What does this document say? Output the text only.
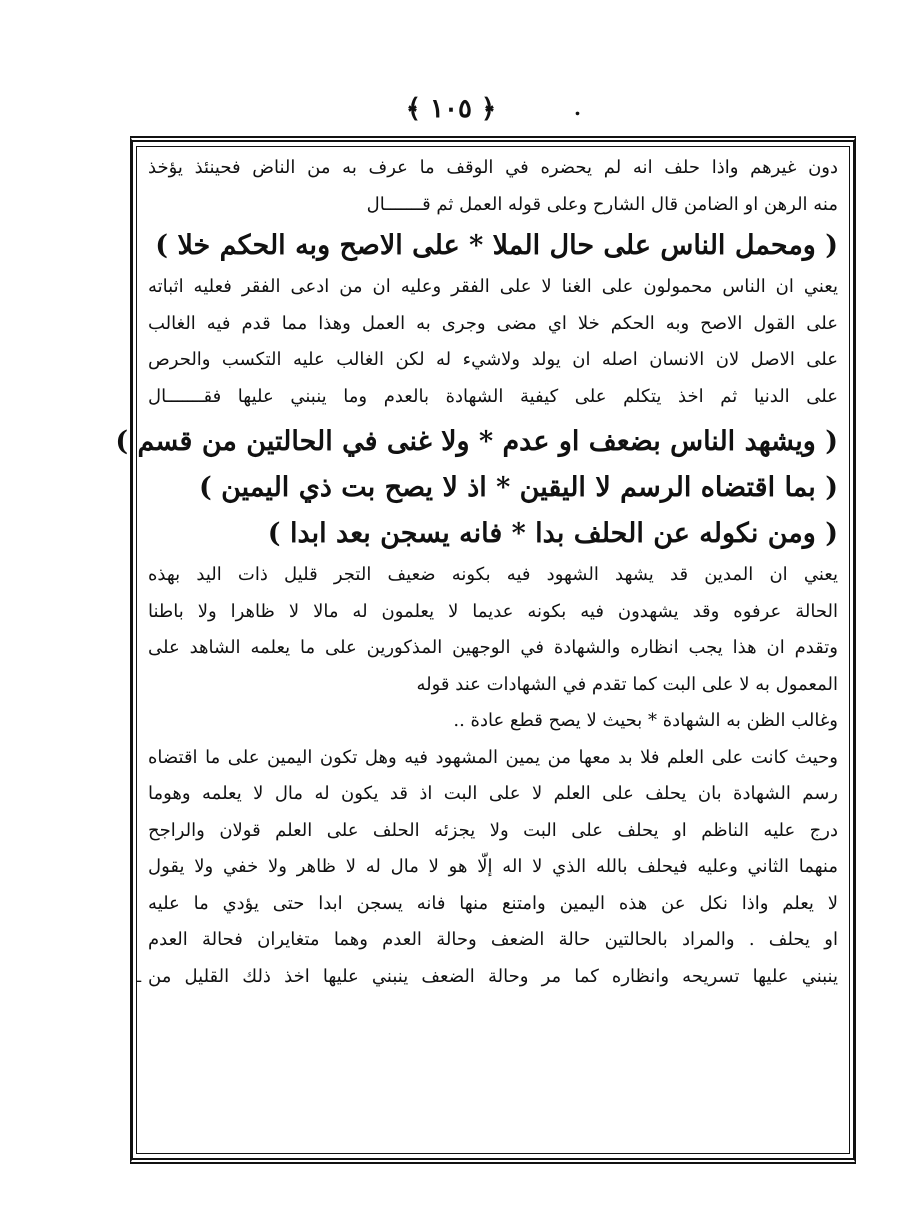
﴾ ١٠٥ ﴿	.
دون غيرهم واذا حلف انه لم يحضره في الوقف ما عرف به من الناض فحينئذ يؤخذ
منه الرهن او الضامن قال الشارح وعلى قوله العمل ثم قـــــــال
( ومحمل الناس على حال الملا * على الاصح وبه الحكم خلا )
يعني ان الناس محمولون على الغنا لا على الفقر وعليه ان من ادعى الفقر فعليه اثباته
على القول الاصح وبه الحكم خلا اي مضى وجرى به العمل وهذا مما قدم فيه الغالب
على الاصل لان الانسان اصله ان يولد ولاشيء له لكن الغالب عليه التكسب والحرص
على الدنيا ثم اخذ يتكلم على كيفية الشهادة بالعدم وما ينبني عليها فقـــــــال
( ويشهد الناس بضعف او عدم * ولا غنى في الحالتين من قسم )
( بما اقتضاه الرسم لا اليقين * اذ لا يصح بت ذي اليمين )
( ومن نكوله عن الحلف بدا * فانه يسجن بعد ابدا )
يعني ان المدين قد يشهد الشهود فيه بكونه ضعيف التجر قليل ذات اليد بهذه
الحالة عرفوه وقد يشهدون فيه بكونه عديما لا يعلمون له مالا لا ظاهرا ولا باطنا
وتقدم ان هذا يجب انظاره والشهادة في الوجهين المذكورين على ما يعلمه الشاهد على
المعمول به لا على البت كما تقدم في الشهادات عند قوله
وغالب الظن به الشهادة * بحيث لا يصح قطع عادة ..
وحيث كانت على العلم فلا بد معها من يمين المشهود فيه وهل تكون اليمين على ما اقتضاه
رسم الشهادة بان يحلف على العلم لا على البت اذ قد يكون له مال لا يعلمه وهوما
درج عليه الناظم او يحلف على البت ولا يجزئه الحلف على العلم قولان والراجح
منهما الثاني وعليه فيحلف بالله الذي لا اله إلّا هو لا مال له لا ظاهر ولا خفي ولا يقول
لا يعلم واذا نكل عن هذه اليمين وامتنع منها فانه يسجن ابدا حتى يؤدي ما عليه
او يحلف . والمراد بالحالتين حالة الضعف وحالة العدم وهما متغايران فحالة العدم
ينبني عليها تسريحه وانظاره كما مر وحالة الضعف ينبني عليها اخذ ذلك القليل من
-
